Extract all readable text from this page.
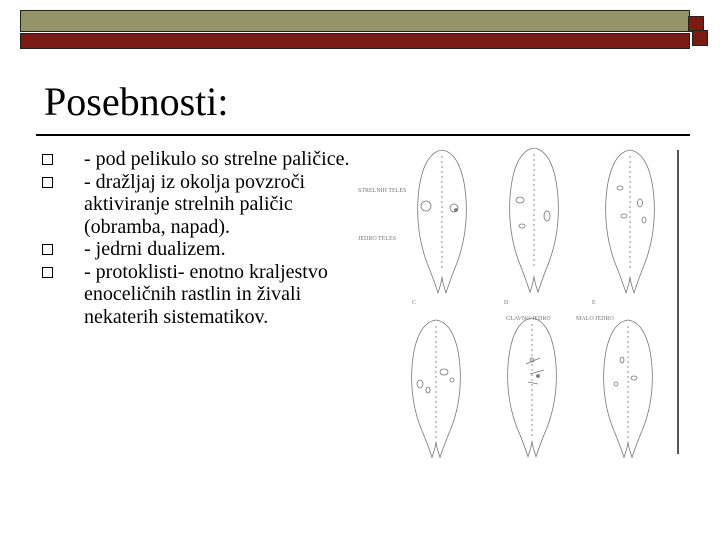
Posebnosti:
- pod pelikulo so strelne paličice.
- dražljaj iz okolja povzroči aktiviranje strelnih paličic (obramba, napad).
- jedrni dualizem.
- protoklisti- enotno kraljestvo enoceličnih rastlin in živali nekaterih sistematikov.
STRELNIH TELES
JEDRO TELES
GLAVNO JEDRO	MALO JEDRO
C	D	E
